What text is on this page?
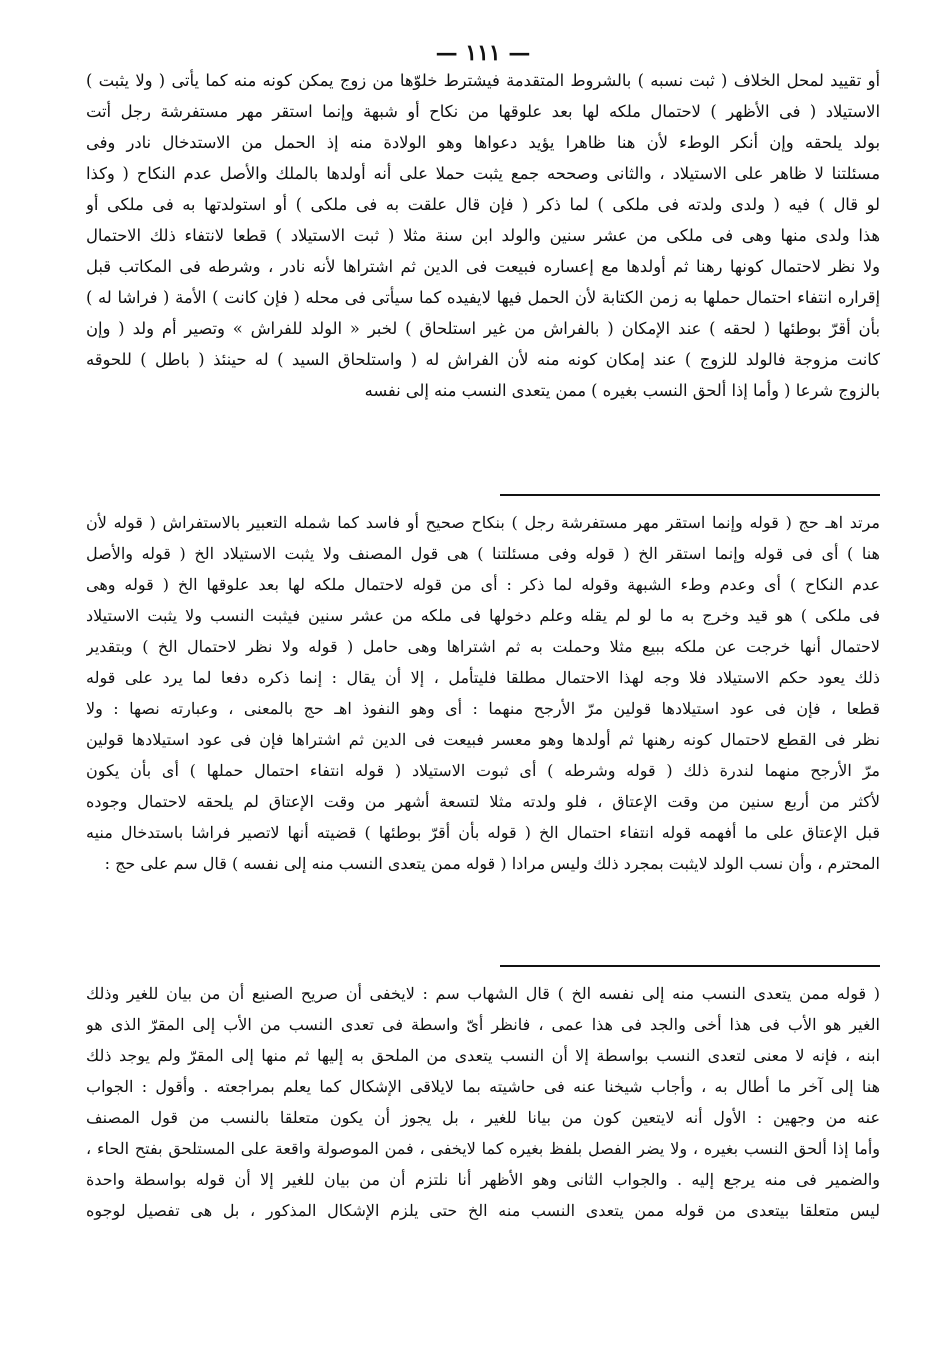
— ١١١ —
أو تقييد لمحل الخلاف ( ثبت نسبه ) بالشروط المتقدمة فيشترط خلوّها من زوج يمكن كونه منه كما يأتى ( ولا يثبت )
الاستيلاد ( فى الأظهر ) لاحتمال ملكه لها بعد علوقها من نكاح أو شبهة وإنما استقر مهر مستفرشة رجل أتت
بولد يلحقه وإن أنكر الوطء لأن هنا ظاهرا يؤيد دعواها وهو الولادة منه إذ الحمل من الاستدخال نادر وفى
مسئلتنا لا ظاهر على الاستيلاد ، والثانى وصححه جمع يثبت حملا على أنه أولدها بالملك والأصل عدم النكاح ( وكذا
لو قال ) فيه ( ولدى ولدته فى ملكى ) لما ذكر ( فإن قال علقت به فى ملكى ) أو استولدتها به فى ملكى أو
هذا ولدى منها وهى فى ملكى من عشر سنين والولد ابن سنة مثلا ( ثبت الاستيلاد ) قطعا لانتفاء ذلك الاحتمال
ولا نظر لاحتمال كونها رهنا ثم أولدها مع إعساره فبيعت فى الدين ثم اشتراها لأنه نادر ، وشرطه فى المكاتب قبل
إقراره انتفاء احتمال حملها به زمن الكتابة لأن الحمل فيها لايفيده كما سيأتى فى محله ( فإن كانت ) الأمة ( فراشا له )
بأن أقرّ بوطئها ( لحقه ) عند الإمكان ( بالفراش من غير استلحاق ) لخبر « الولد للفراش » وتصير أم ولد ( وإن
كانت مزوجة فالولد للزوج ) عند إمكان كونه منه لأن الفراش له ( واستلحاق السيد ) له حينئذ ( باطل ) للحوقه
بالزوج شرعا ( وأما إذا ألحق النسب بغيره ) ممن يتعدى النسب منه إلى نفسه
مرتد اهـ حج ( قوله وإنما استقر مهر مستفرشة رجل ) بنكاح صحيح أو فاسد كما شمله التعبير بالاستفراش ( قوله لأن
هنا ) أى فى قوله وإنما استقر الخ ( قوله وفى مسئلتنا ) هى قول المصنف ولا يثبت الاستيلاد الخ ( قوله والأصل
عدم النكاح ) أى وعدم وطء الشبهة وقوله لما ذكر : أى من قوله لاحتمال ملكه لها بعد علوقها الخ ( قوله وهى
فى ملكى ) هو قيد وخرج به ما لو لم يقله وعلم دخولها فى ملكه من عشر سنين فيثبت النسب ولا يثبت الاستيلاد
لاحتمال أنها خرجت عن ملكه ببيع مثلا وحملت به ثم اشتراها وهى حامل ( قوله ولا نظر لاحتمال الخ ) وبتقدير
ذلك يعود حكم الاستيلاد فلا وجه لهذا الاحتمال مطلقا فليتأمل ، إلا أن يقال : إنما ذكره دفعا لما يرد على قوله
قطعا ، فإن فى عود استيلادها قولين مرّ الأرجح منهما : أى وهو النفوذ اهـ حج بالمعنى ، وعبارته نصها : ولا
نظر فى القطع لاحتمال كونه رهنها ثم أولدها وهو معسر فبيعت فى الدين ثم اشتراها فإن فى عود استيلادها قولين
مرّ الأرجح منهما لندرة ذلك ( قوله وشرطه ) أى ثبوت الاستيلاد ( قوله انتفاء احتمال حملها ) أى بأن يكون
لأكثر من أربع سنين من وقت الإعتاق ، فلو ولدته مثلا لتسعة أشهر من وقت الإعتاق لم يلحقه لاحتمال وجوده
قبل الإعتاق على ما أفهمه قوله انتفاء احتمال الخ ( قوله بأن أقرّ بوطئها ) قضيته أنها لاتصير فراشا باستدخال منيه
المحترم ، وأن نسب الولد لايثبت بمجرد ذلك وليس مرادا ( قوله ممن يتعدى النسب منه إلى نفسه ) قال سم على حج :
( قوله ممن يتعدى النسب منه إلى نفسه الخ ) قال الشهاب سم : لايخفى أن صريح الصنيع أن من بيان للغير وذلك
الغير هو الأب فى هذا أخى والجد فى هذا عمى ، فانظر أىّ واسطة فى تعدى النسب من الأب إلى المقرّ الذى هو
ابنه ، فإنه لا معنى لتعدى النسب بواسطة إلا أن النسب يتعدى من الملحق به إليها ثم منها إلى المقرّ ولم يوجد ذلك
هنا إلى آخر ما أطال به ، وأجاب شيخنا عنه فى حاشيته بما لايلاقى الإشكال كما يعلم بمراجعته . وأقول : الجواب
عنه من وجهين : الأول أنه لايتعين كون من بيانا للغير ، بل يجوز أن يكون متعلقا بالنسب من قول المصنف
وأما إذا ألحق النسب بغيره ، ولا يضر الفصل بلفظ بغيره كما لايخفى ، فمن الموصولة واقعة على المستلحق بفتح الحاء ،
والضمير فى منه يرجع إليه . والجواب الثانى وهو الأظهر أنا نلتزم أن من بيان للغير إلا أن قوله بواسطة واحدة
ليس متعلقا بيتعدى من قوله ممن يتعدى النسب منه الخ حتى يلزم الإشكال المذكور ، بل هى تفصيل لوجوه
